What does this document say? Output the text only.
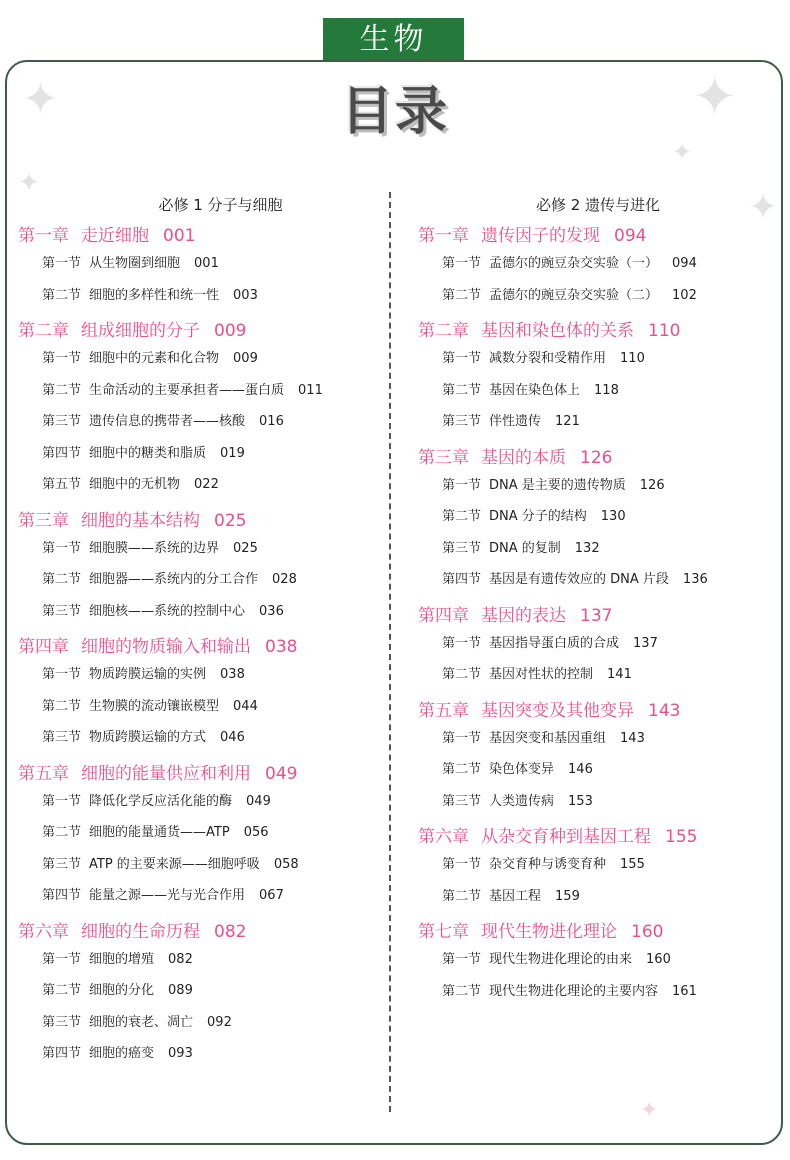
生物
✦
✦
✦
✦
✦
✦
目录
必修 1 分子与细胞
第一章 走近细胞 001
第一节 从生物圈到细胞 001
第二节 细胞的多样性和统一性 003
第二章 组成细胞的分子 009
第一节 细胞中的元素和化合物 009
第二节 生命活动的主要承担者——蛋白质 011
第三节 遗传信息的携带者——核酸 016
第四节 细胞中的糖类和脂质 019
第五节 细胞中的无机物 022
第三章 细胞的基本结构 025
第一节 细胞膜——系统的边界 025
第二节 细胞器——系统内的分工合作 028
第三节 细胞核——系统的控制中心 036
第四章 细胞的物质输入和输出 038
第一节 物质跨膜运输的实例 038
第二节 生物膜的流动镶嵌模型 044
第三节 物质跨膜运输的方式 046
第五章 细胞的能量供应和利用 049
第一节 降低化学反应活化能的酶 049
第二节 细胞的能量通货——ATP 056
第三节 ATP 的主要来源——细胞呼吸 058
第四节 能量之源——光与光合作用 067
第六章 细胞的生命历程 082
第一节 细胞的增殖 082
第二节 细胞的分化 089
第三节 细胞的衰老、凋亡 092
第四节 细胞的癌变 093
必修 2 遗传与进化
第一章 遗传因子的发现 094
第一节 孟德尔的豌豆杂交实验（一） 094
第二节 孟德尔的豌豆杂交实验（二） 102
第二章 基因和染色体的关系 110
第一节 减数分裂和受精作用 110
第二节 基因在染色体上 118
第三节 伴性遗传 121
第三章 基因的本质 126
第一节 DNA 是主要的遗传物质 126
第二节 DNA 分子的结构 130
第三节 DNA 的复制 132
第四节 基因是有遗传效应的 DNA 片段 136
第四章 基因的表达 137
第一节 基因指导蛋白质的合成 137
第二节 基因对性状的控制 141
第五章 基因突变及其他变异 143
第一节 基因突变和基因重组 143
第二节 染色体变异 146
第三节 人类遗传病 153
第六章 从杂交育种到基因工程 155
第一节 杂交育种与诱变育种 155
第二节 基因工程 159
第七章 现代生物进化理论 160
第一节 现代生物进化理论的由来 160
第二节 现代生物进化理论的主要内容 161
